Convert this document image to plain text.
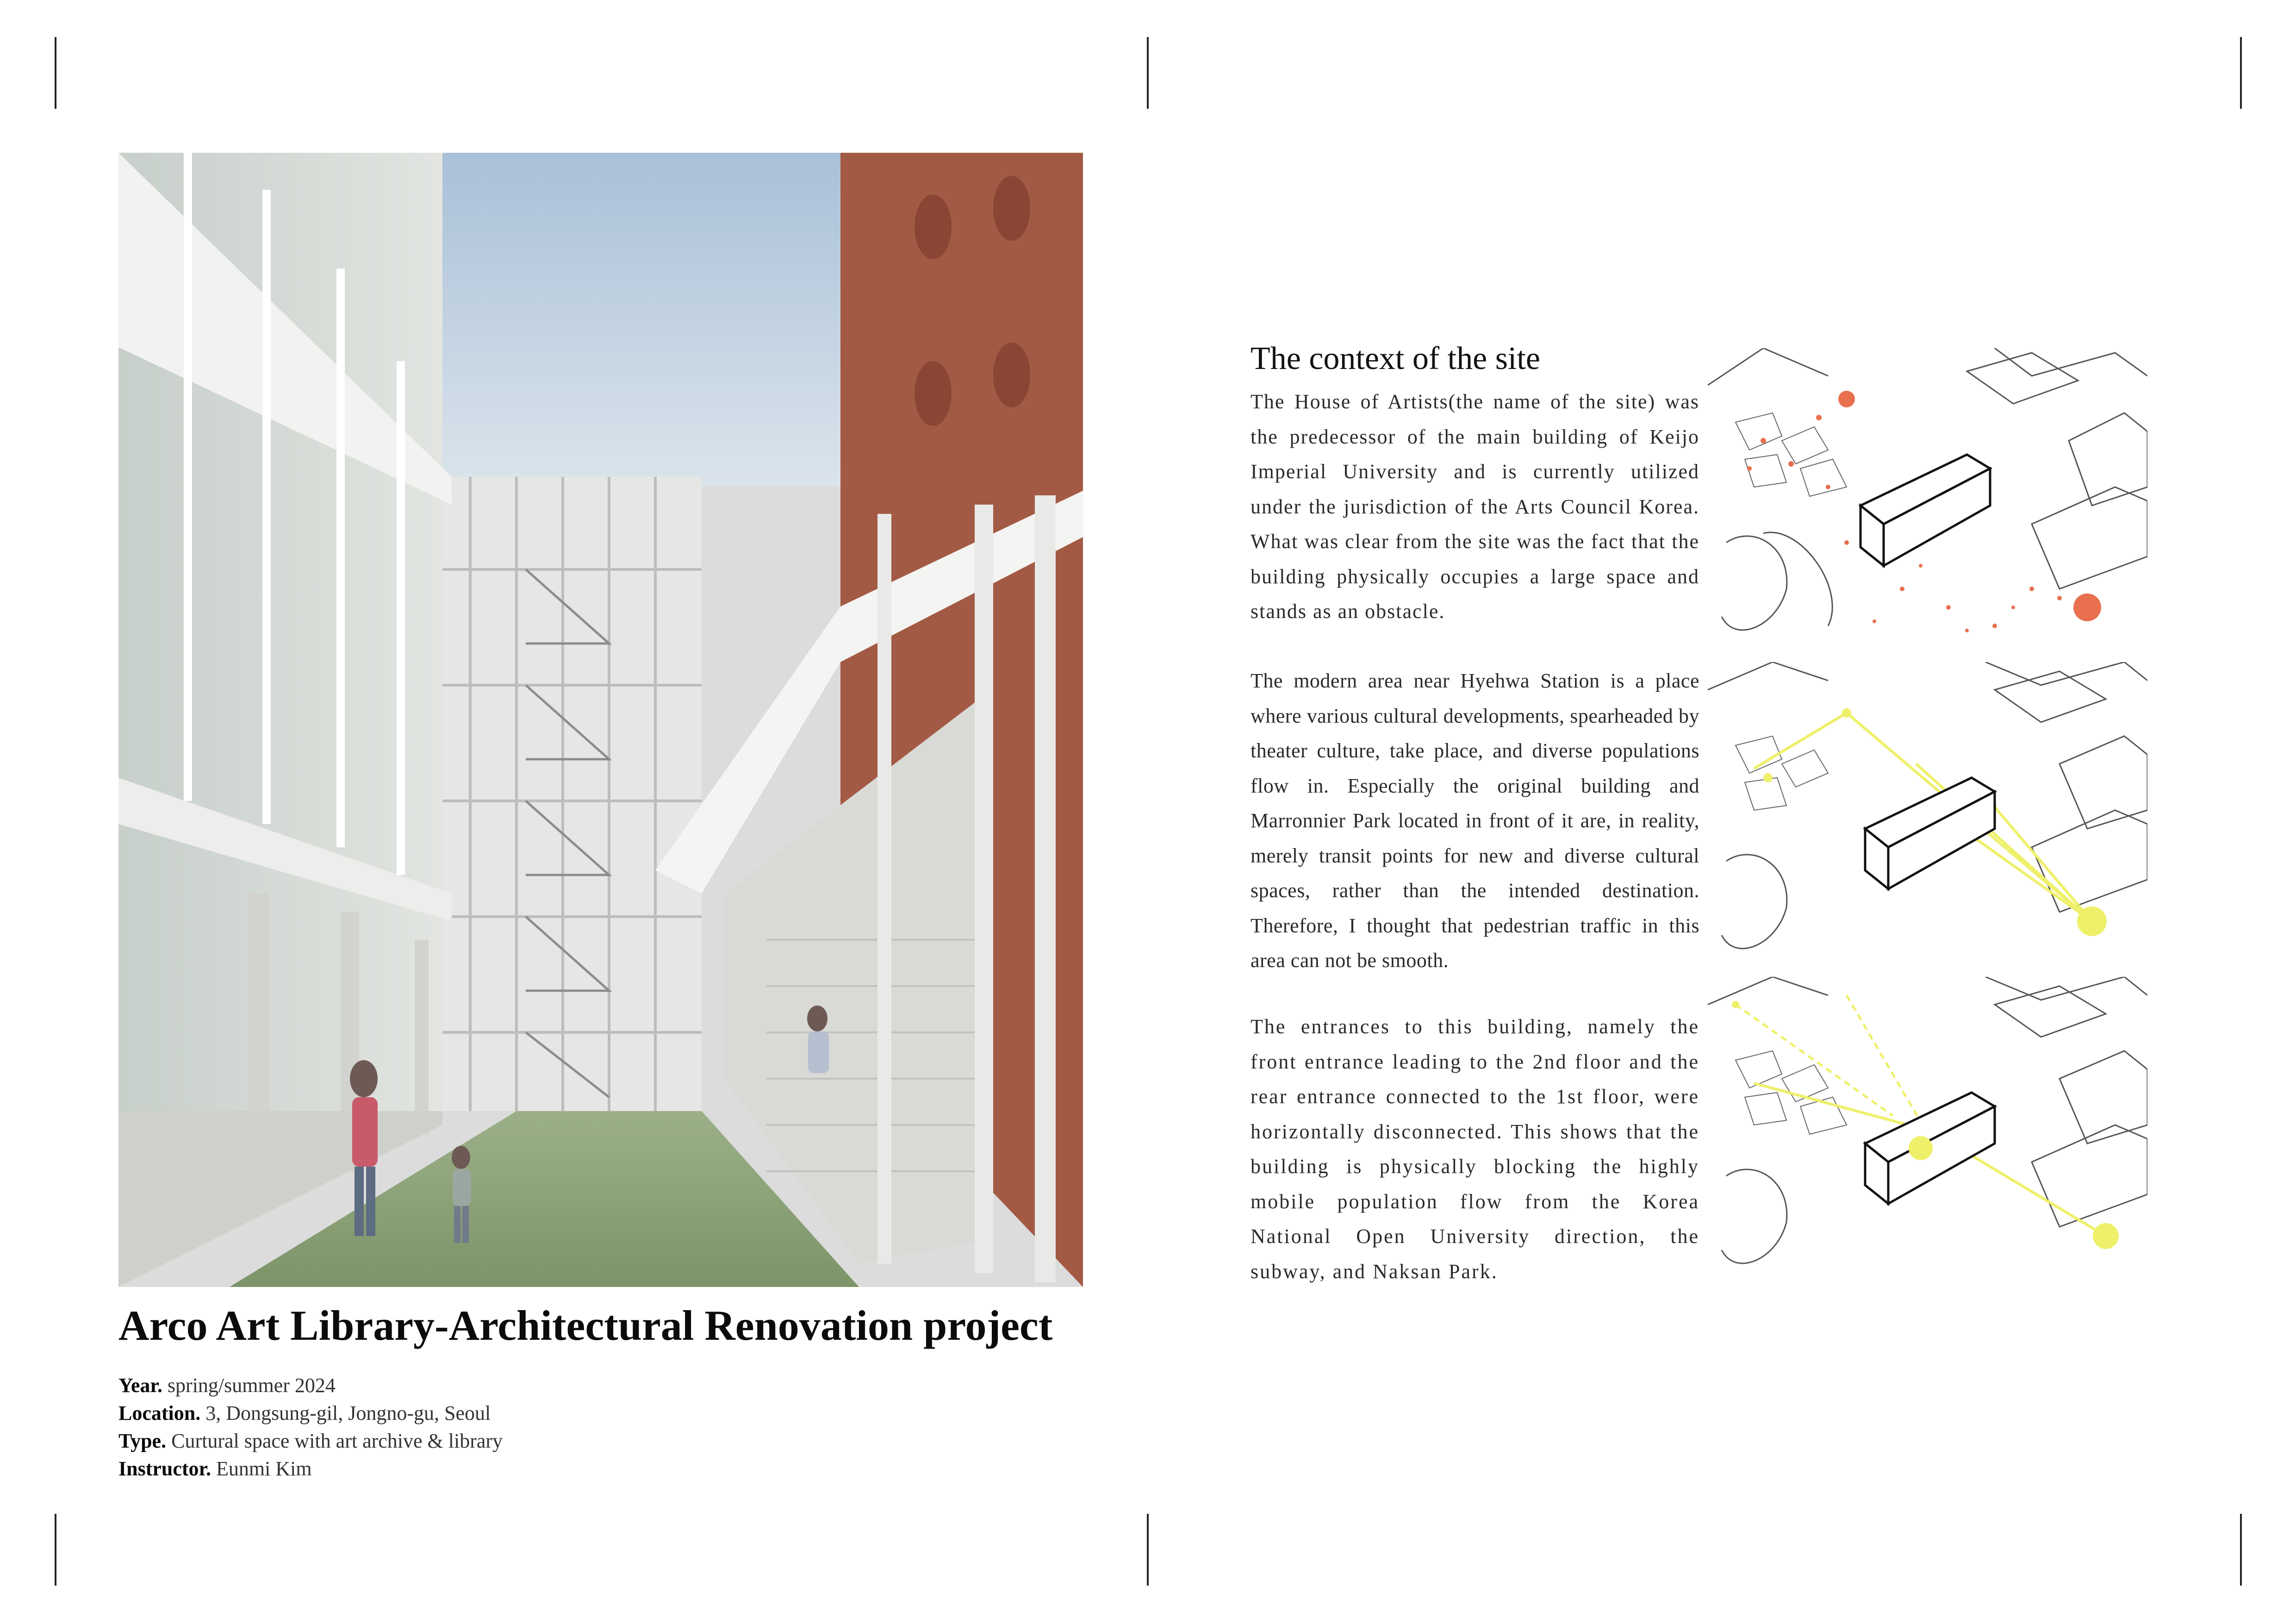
Arco Art Library-Architectural Renovation project
Year. spring/summer 2024
Location. 3, Dongsung-gil, Jongno-gu, Seoul
Type. Curtural space with art archive & library
Instructor. Eunmi Kim
The context of the site
The House of Artists(the name of the site) was the predecessor of the main building of Keijo Imperial University and is currently utilized under the jurisdiction of the Arts Council Korea. What was clear from the site was the fact that the building physically occupies a large space and stands as an obstacle.
The modern area near Hyehwa Station is a place where various cultural developments, spearheaded by theater culture, take place, and diverse populations flow in. Especially the original building and Marronnier Park located in front of it are, in reality, merely transit points for new and diverse cultural spaces, rather than the intended destination. Therefore, I thought that pedestrian traffic in this area can not be smooth.
The entrances to this building, namely the front entrance leading to the 2nd floor and the rear entrance connected to the 1st floor, were horizontally disconnected. This shows that the building is physically blocking the highly mobile population flow from the Korea National Open University direction, the subway, and Naksan Park.
